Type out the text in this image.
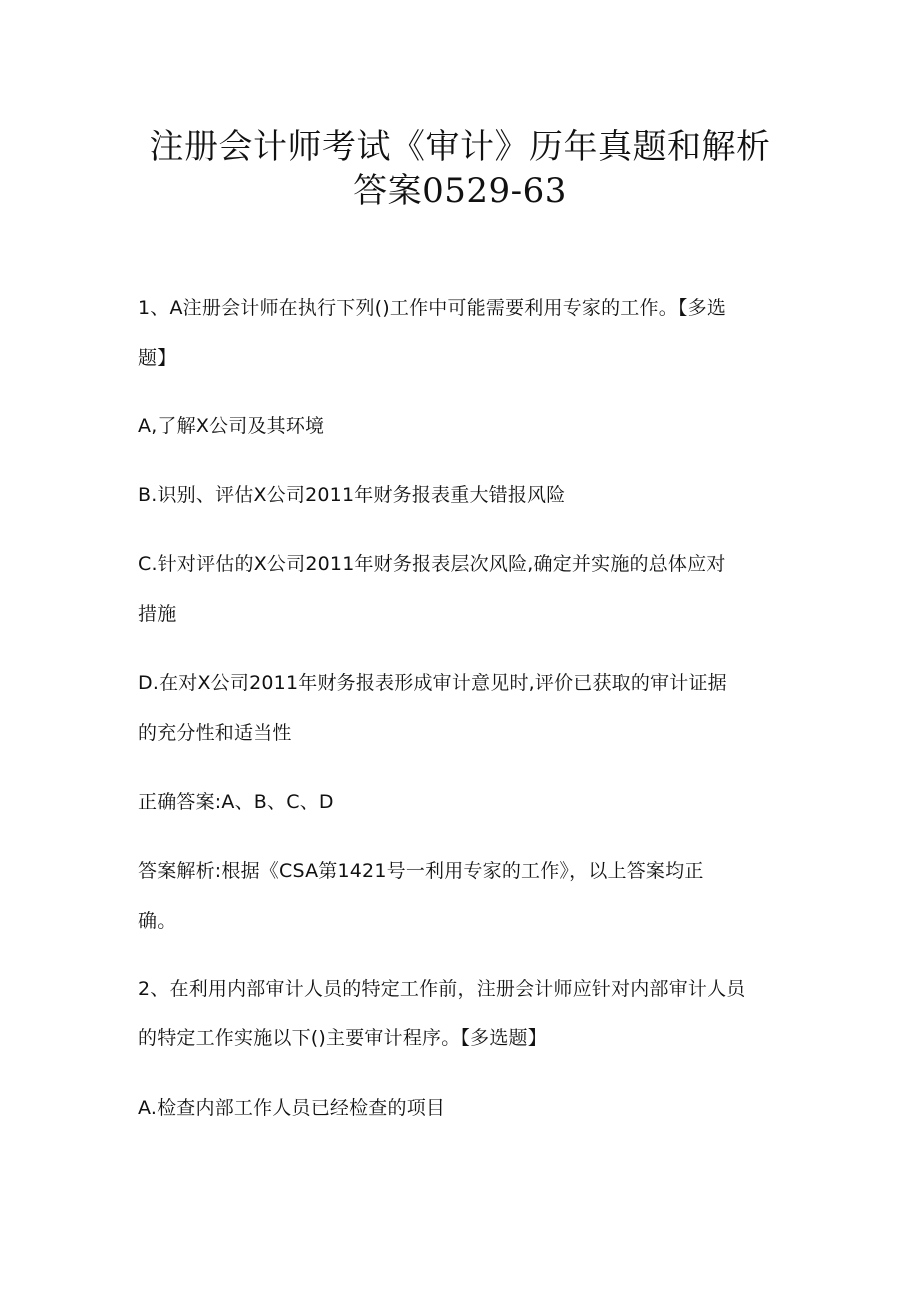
注册会计师考试《审计》历年真题和解析
答案0529-63
1、A注册会计师在执行下列()工作中可能需要利用专家的工作。【多选
题】
A,了解X公司及其环境
B.识别、评估X公司2011年财务报表重大错报风险
C.针对评估的X公司2011年财务报表层次风险,确定并实施的总体应对
措施
D.在对X公司2011年财务报表形成审计意见时,评价已获取的审计证据
的充分性和适当性
正确答案:A、B、C、D
答案解析:根据《CSA第1421号一利用专家的工作》，以上答案均正
确。
2、在利用内部审计人员的特定工作前，注册会计师应针对内部审计人员
的特定工作实施以下()主要审计程序。【多选题】
A.检查内部工作人员已经检查的项目
